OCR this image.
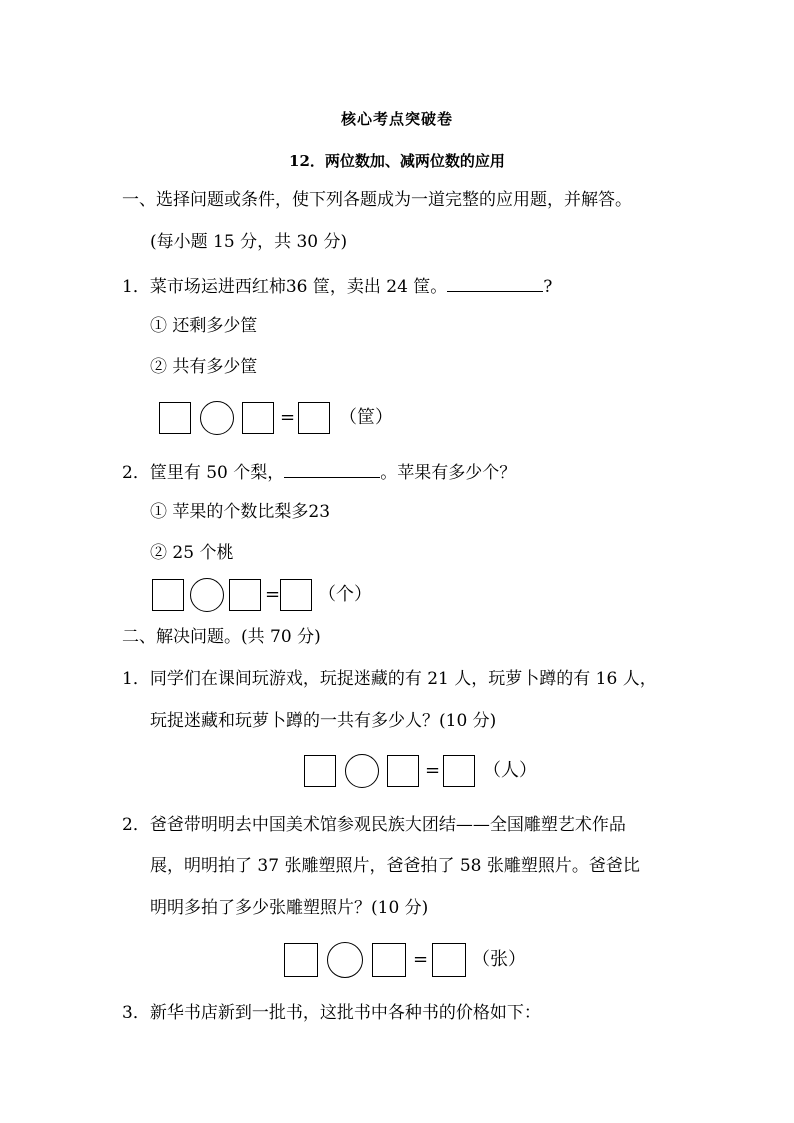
核心考点突破卷
12．两位数加、减两位数的应用
一、选择问题或条件，使下列各题成为一道完整的应用题，并解答。
(每小题 15 分，共 30 分)
1．菜市场运进西红柿36 筐，卖出 24 筐。	?
① 还剩多少筐
② 共有多少筐
= （筐）
2．筐里有 50 个梨，	。苹果有多少个？
① 苹果的个数比梨多23
② 25 个桃
= （个）
二、解决问题。(共 70 分)
1．同学们在课间玩游戏，玩捉迷藏的有 21 人，玩萝卜蹲的有 16 人，
玩捉迷藏和玩萝卜蹲的一共有多少人？(10 分)
= （人）
2．爸爸带明明去中国美术馆参观民族大团结——全国雕塑艺术作品
展，明明拍了 37 张雕塑照片，爸爸拍了 58 张雕塑照片。爸爸比
明明多拍了多少张雕塑照片？(10 分)
= （张）
3．新华书店新到一批书，这批书中各种书的价格如下：
